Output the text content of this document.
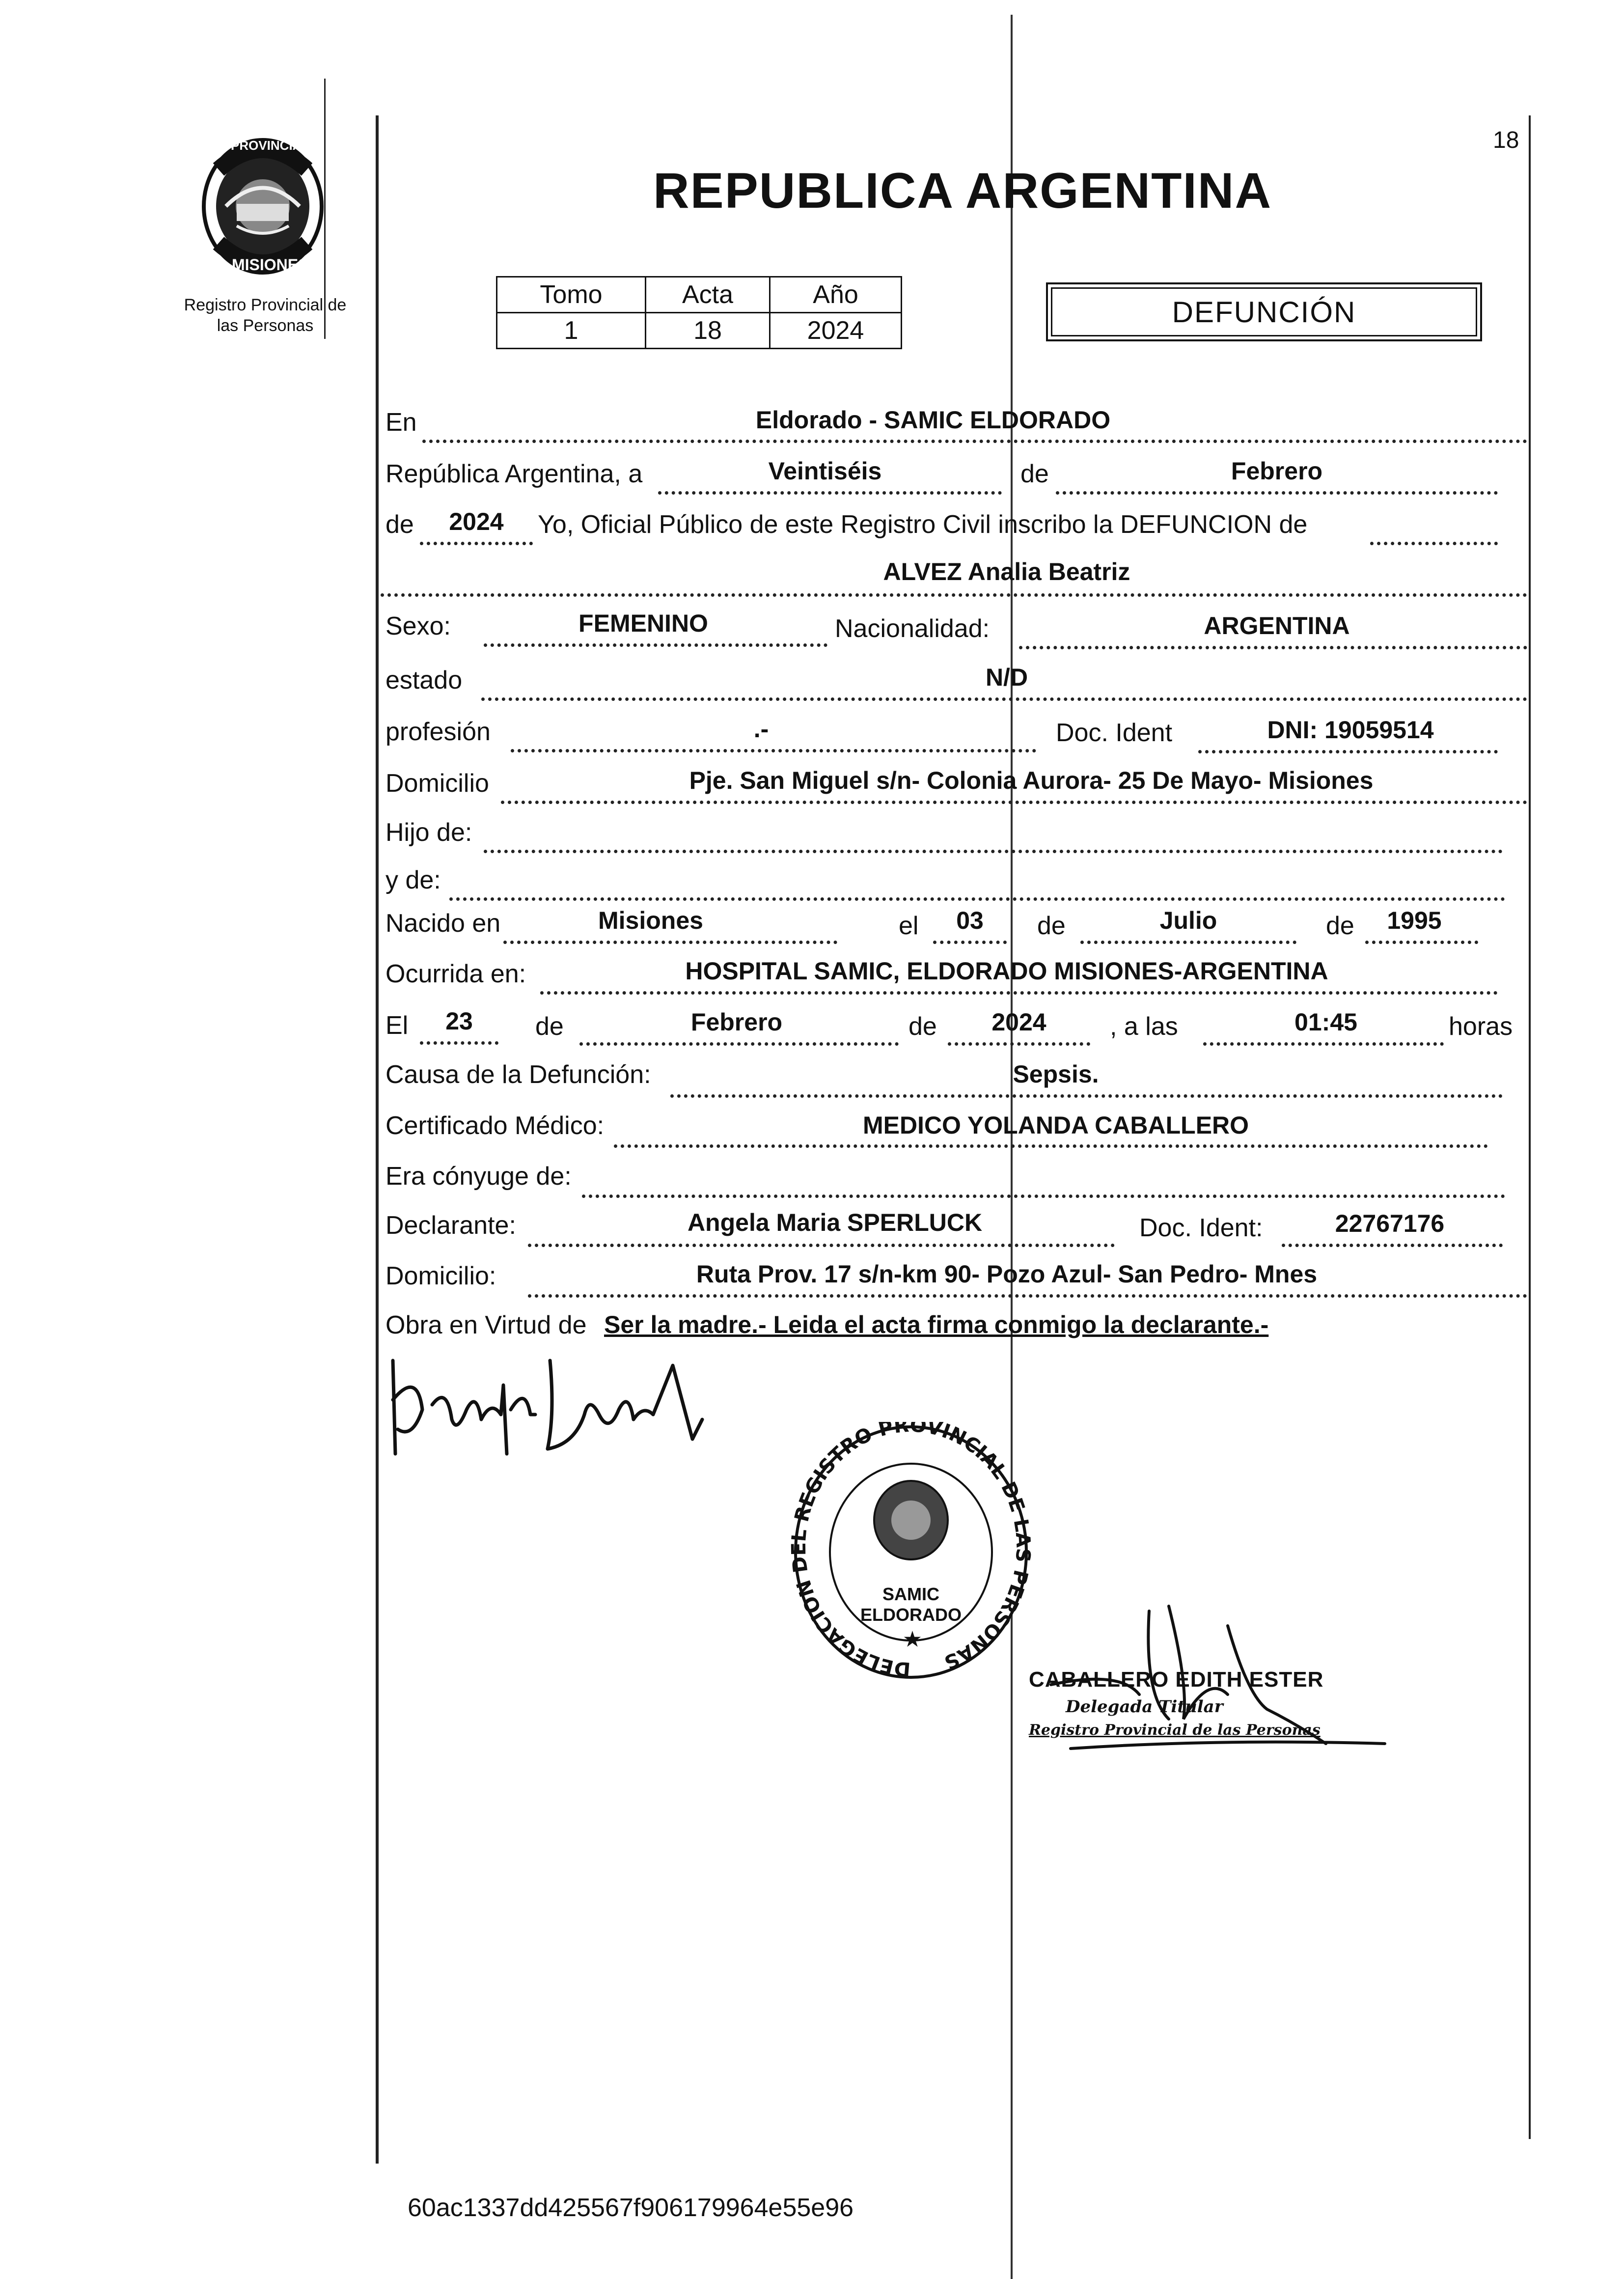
PROVINCIA DE
MISIONES
Registro Provincial de
las Personas
18
REPUBLICA ARGENTINA
Tomo	Acta	Año
1	18	2024
DEFUNCIÓN
En	Eldorado - SAMIC ELDORADO
República Argentina, a	Veintiséis	de	Febrero
de	2024	Yo, Oficial Público de este Registro Civil inscribo la DEFUNCION de
ALVEZ Analia Beatriz
Sexo:	FEMENINO	Nacionalidad:	ARGENTINA
estado	N/D
profesión	.-	Doc. Ident	DNI: 19059514
Domicilio	Pje. San Miguel s/n- Colonia Aurora- 25 De Mayo- Misiones
Hijo de:
y de:
Nacido en	Misiones	el	03	de	Julio	de	1995
Ocurrida en:	HOSPITAL SAMIC, ELDORADO MISIONES-ARGENTINA
El	23	de	Febrero	de	2024	, a las	01:45	horas
Causa de la Defunción:	Sepsis.
Certificado Médico:	MEDICO YOLANDA CABALLERO
Era cónyuge de:
Declarante:	Angela Maria SPERLUCK	Doc. Ident:	22767176
Domicilio:	Ruta Prov. 17 s/n-km 90- Pozo Azul- San Pedro- Mnes
Obra en Virtud de Ser la madre.- Leida el acta firma conmigo la declarante.-
DELEGACION REGISTRO PROVINCIAL DE L PERSONAS
SAMIC ELDORADO
★
CABALLERO EDITH ESTER
Delegada Titular
Registro Provincial de las Personas
60ac1337dd425567f906179964e55e96
